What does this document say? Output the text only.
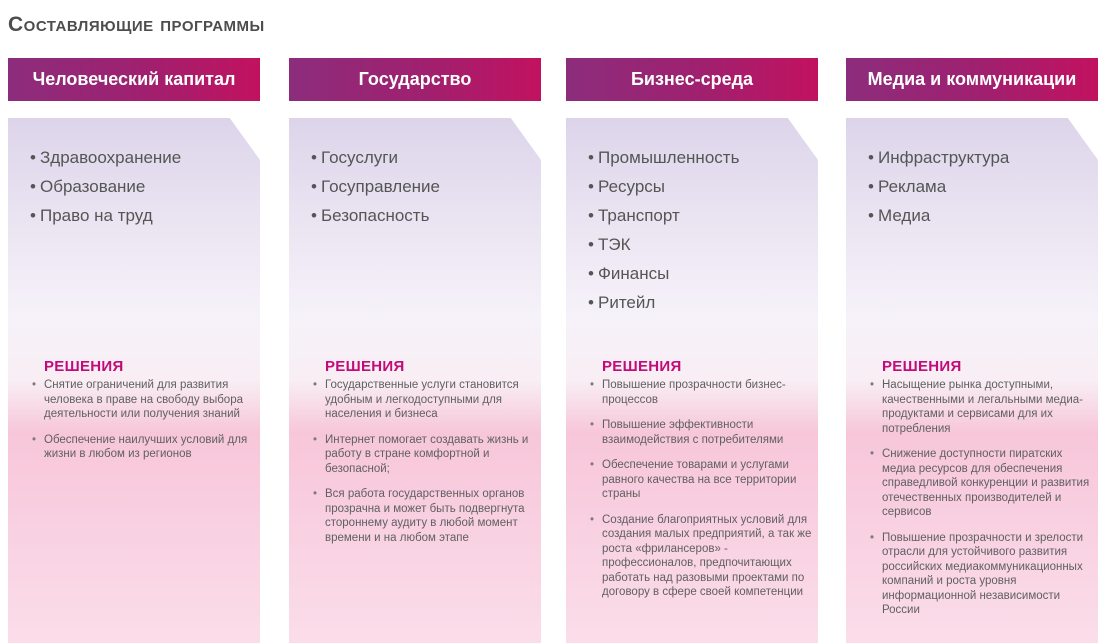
составляющие программы
Человеческий капитал
• Здравоохранение
• Образование
• Право на труд
РЕШЕНИЯ
• Снятие ограничений для развития человека в праве на свободу выбора деятельности или получения знаний
• Обеспечение наилучших условий для жизни в любом из регионов
Государство
• Госуслуги
• Госуправление
• Безопасность
РЕШЕНИЯ
• Государственные услуги становится удобным и легкодоступными для населения и бизнеса
• Интернет помогает создавать жизнь и работу в стране комфортной и безопасной;
• Вся работа государственных органов прозрачна и может быть подвергнута стороннему аудиту в любой момент времени и на любом этапе
Бизнес-среда
• Промышленность
• Ресурсы
• Транспорт
• ТЭК
• Финансы
• Ритейл
РЕШЕНИЯ
• Повышение прозрачности бизнес-процессов
• Повышение эффективности взаимодействия с потребителями
• Обеспечение товарами и услугами равного качества на все территории страны
• Создание благоприятных условий для создания малых предприятий, а так же роста «фрилансеров» - профессионалов, предпочитающих работать над разовыми проектами по договору в сфере своей компетенции
Медиа и коммуникации
• Инфраструктура
• Реклама
• Медиа
РЕШЕНИЯ
• Насыщение рынка доступными, качественными и легальными медиа-продуктами и сервисами для их потребления
• Снижение доступности пиратских медиа ресурсов для обеспечения справедливой конкуренции и развития отечественных производителей и сервисов
• Повышение прозрачности и зрелости отрасли для устойчивого развития российских медиакоммуникационных компаний и роста уровня информационной независимости России
